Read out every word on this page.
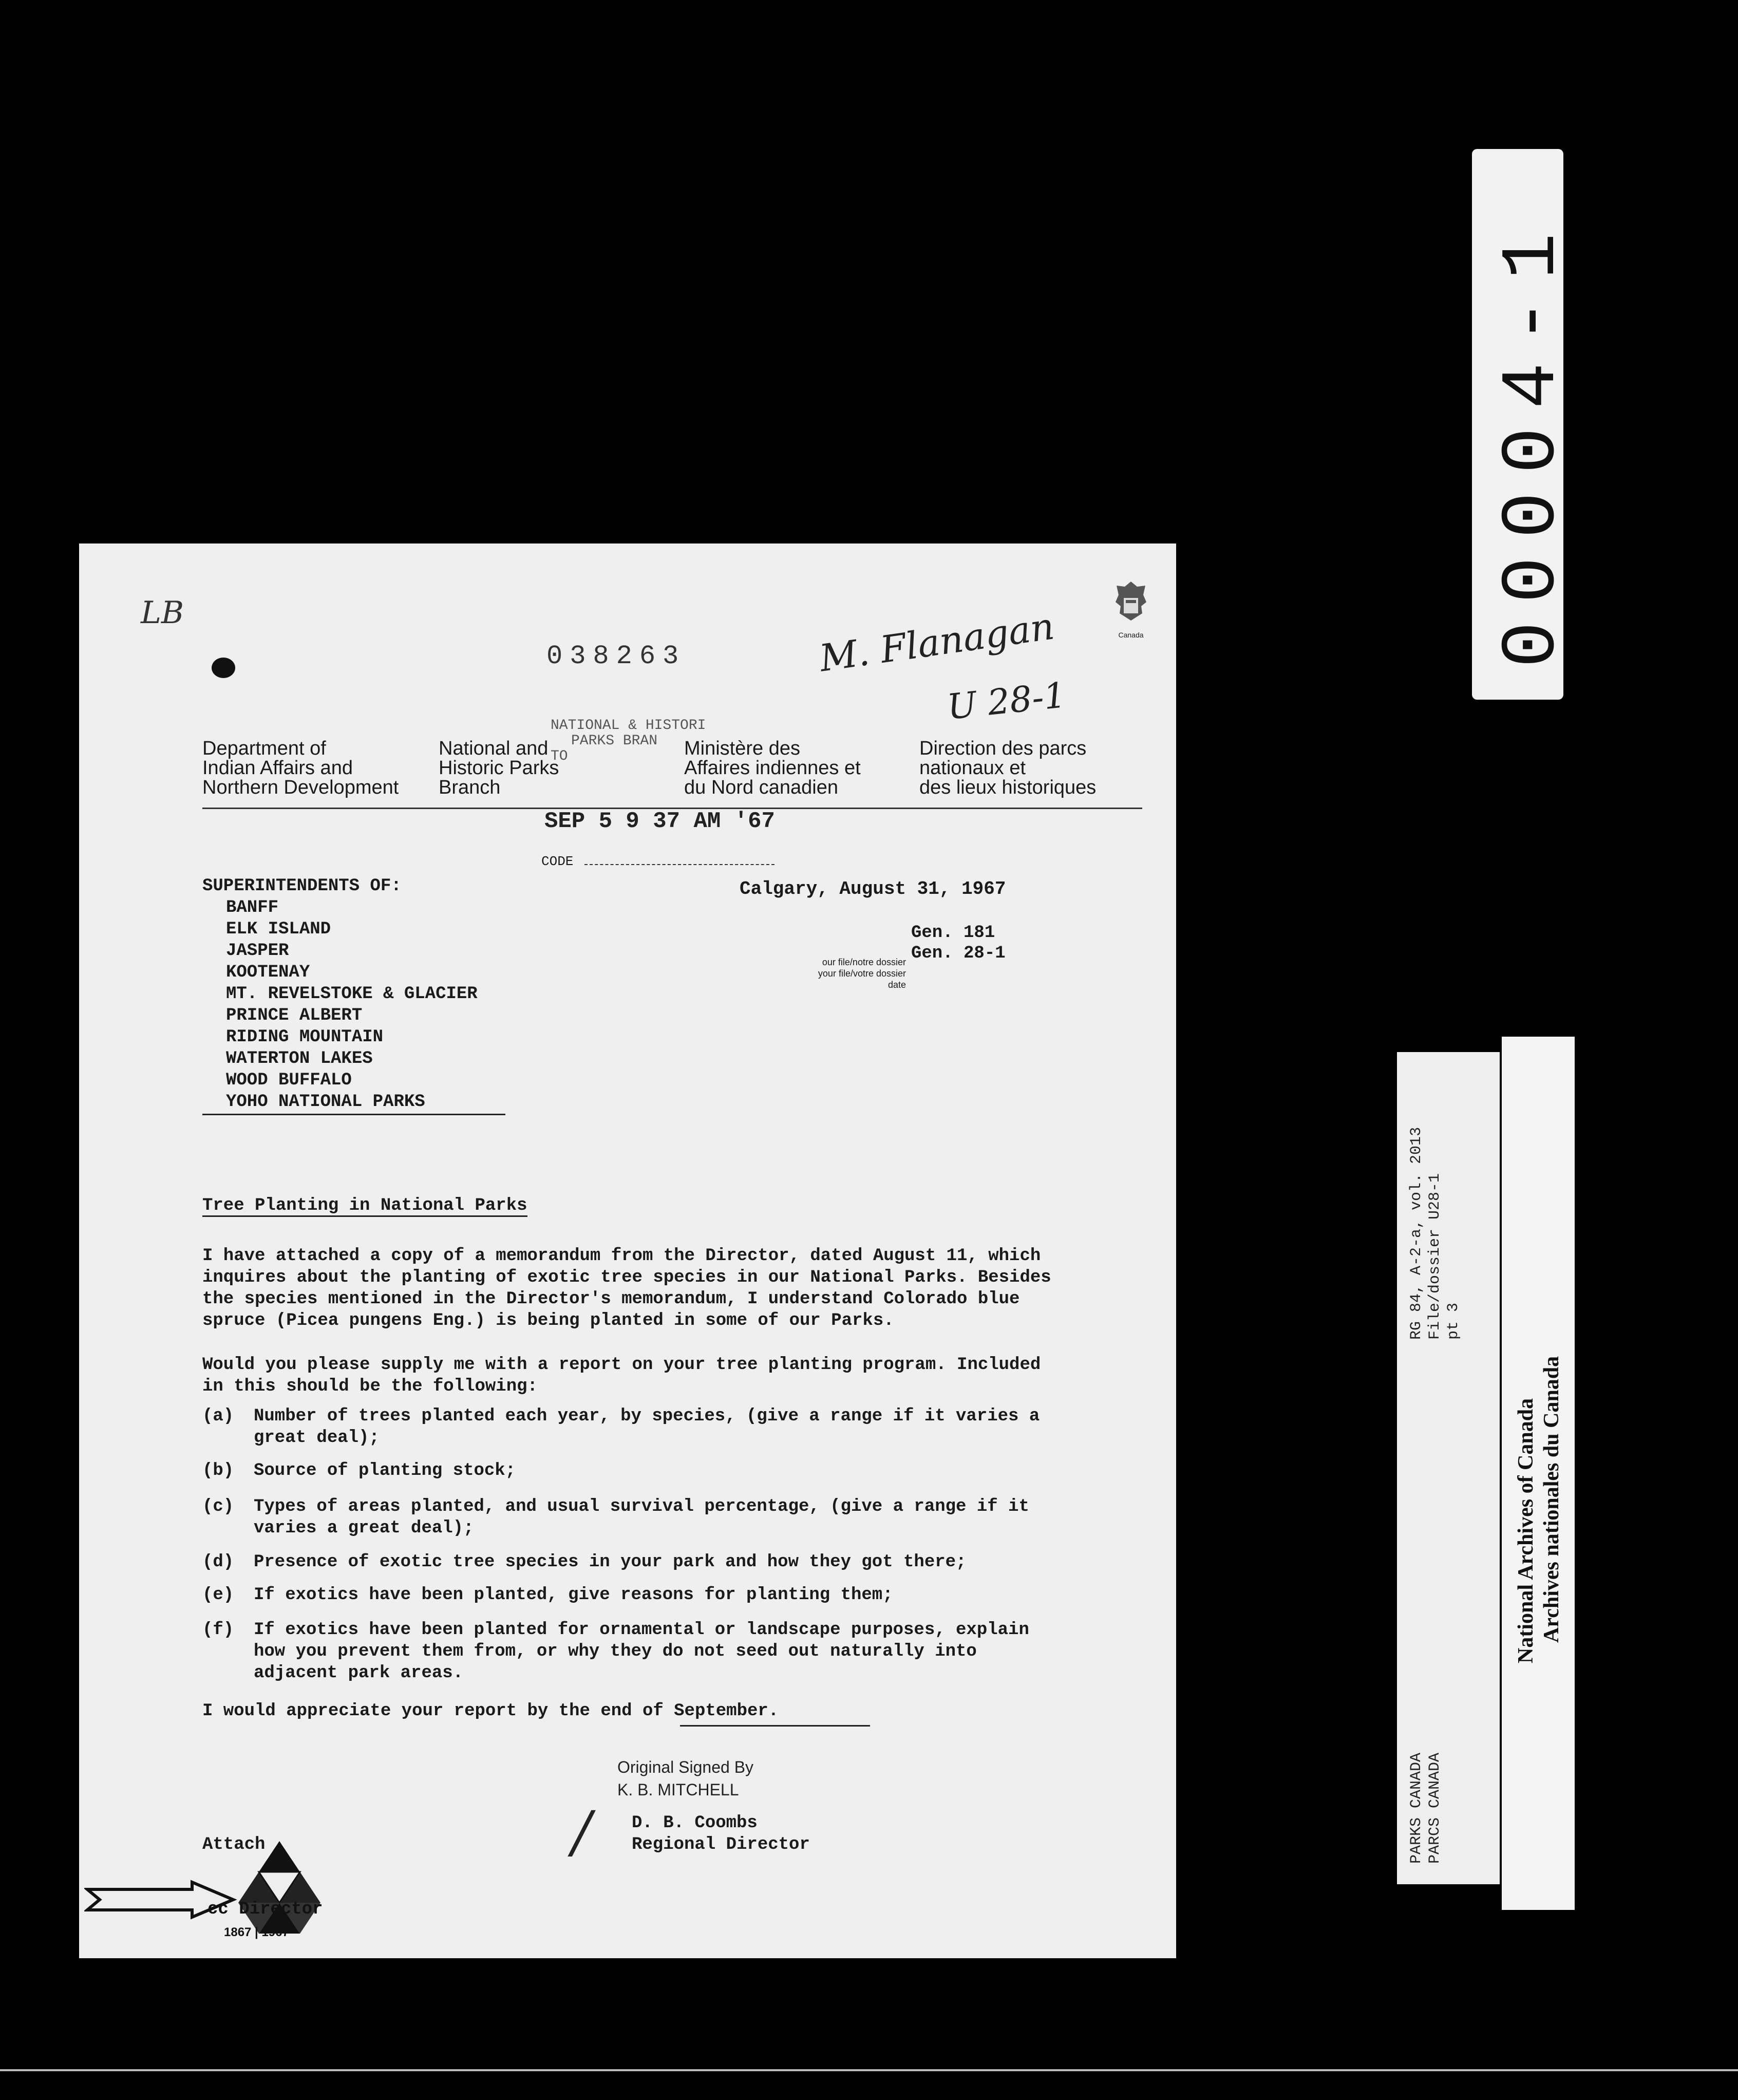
LB
038263	M. Flanagan
U 28-1
Canada
Department of
Indian Affairs and
Northern Development
National and
Historic Parks
Branch
NATIONAL & HISTORI
PARKS BRAN
TO	Ministère des
Affaires indiennes et
du Nord canadien
Direction des parcs
nationaux et
des lieux historiques
SEP 5 9 37 AM '67
CODE
SUPERINTENDENTS OF:
BANFF
ELK ISLAND
JASPER
KOOTENAY
MT. REVELSTOKE & GLACIER
PRINCE ALBERT
RIDING MOUNTAIN
WATERTON LAKES
WOOD BUFFALO
YOHO NATIONAL PARKS
Calgary, August 31, 1967
Gen. 181
Gen. 28-1
our file/notre dossier
your file/votre dossier
date
Tree Planting in National Parks
I have attached a copy of a memorandum from the Director, dated August 11, which
inquires about the planting of exotic tree species in our National Parks. Besides
the species mentioned in the Director's memorandum, I understand Colorado blue
spruce (Picea pungens Eng.) is being planted in some of our Parks.
Would you please supply me with a report on your tree planting program. Included
in this should be the following:
(a) Number of trees planted each year, by species, (give a range if it varies a
great deal);
(b) Source of planting stock;
(c) Types of areas planted, and usual survival percentage, (give a range if it
varies a great deal);
(d) Presence of exotic tree species in your park and how they got there;
(e) If exotics have been planted, give reasons for planting them;
(f) If exotics have been planted for ornamental or landscape purposes, explain
how you prevent them from, or why they do not seed out naturally into
adjacent park areas.
I would appreciate your report by the end of September.
Original Signed By
K. B. MITCHELL
/ D. B. Coombs
Regional Director
Attach
cc Director
1867 | 1967
00004-1
RG 84, A-2-a, vol. 2013 File/dossier U28-1 pt 3
PARKS CANADA PARCS CANADA
National Archives of Canada Archives nationales du Canada
